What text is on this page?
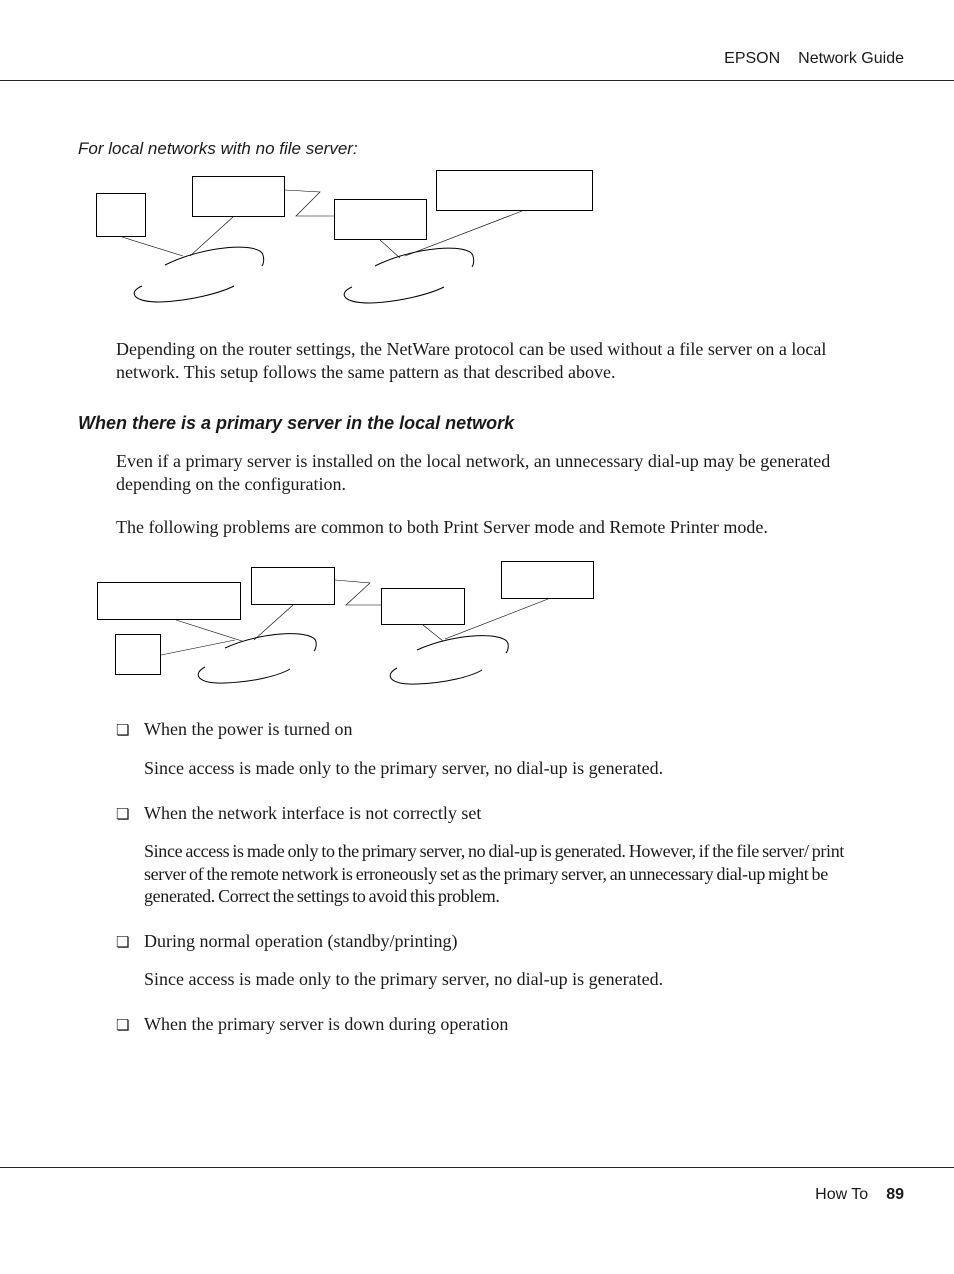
EPSON Network Guide
For local networks with no file server:
Depending on the router settings, the NetWare protocol can be used without a file server on a local network. This setup follows the same pattern as that described above.
When there is a primary server in the local network
Even if a primary server is installed on the local network, an unnecessary dial-up may be generated depending on the configuration.
The following problems are common to both Print Server mode and Remote Printer mode.
❏ When the power is turned on
Since access is made only to the primary server, no dial-up is generated.
❏ When the network interface is not correctly set
Since access is made only to the primary server, no dial-up is generated. However, if the file server/ print server of the remote network is erroneously set as the primary server, an unnecessary dial-up might be generated. Correct the settings to avoid this problem.
❏ During normal operation (standby/printing)
Since access is made only to the primary server, no dial-up is generated.
❏ When the primary server is down during operation
How To 89
